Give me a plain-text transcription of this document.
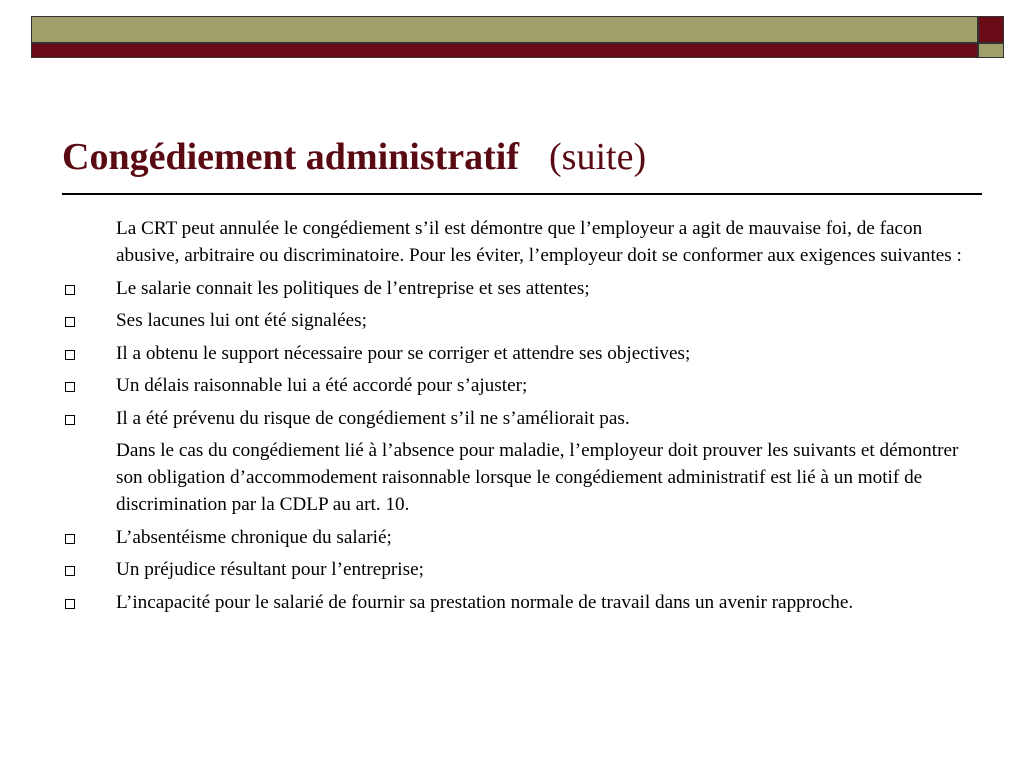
Congédiement administratif (suite)
La CRT peut annulée le congédiement s’il est démontre que l’employeur a agit de mauvaise foi, de facon abusive, arbitraire ou discriminatoire. Pour les éviter, l’employeur doit se conformer aux exigences suivantes :
Le salarie connait les politiques de l’entreprise et ses attentes;
Ses lacunes lui ont été signalées;
Il a obtenu le support nécessaire pour se corriger et attendre ses objectives;
Un délais raisonnable lui a été accordé pour s’ajuster;
Il a été prévenu du risque de congédiement s’il ne s’améliorait pas.
Dans le cas du congédiement lié à l’absence pour maladie, l’employeur doit prouver les suivants et démontrer son obligation d’accommodement raisonnable lorsque le congédiement administratif est lié à un motif de discrimination par la CDLP au art. 10.
L’absentéisme chronique du salarié;
Un préjudice résultant pour l’entreprise;
L’incapacité pour le salarié de fournir sa prestation normale de travail dans un avenir rapproche.
